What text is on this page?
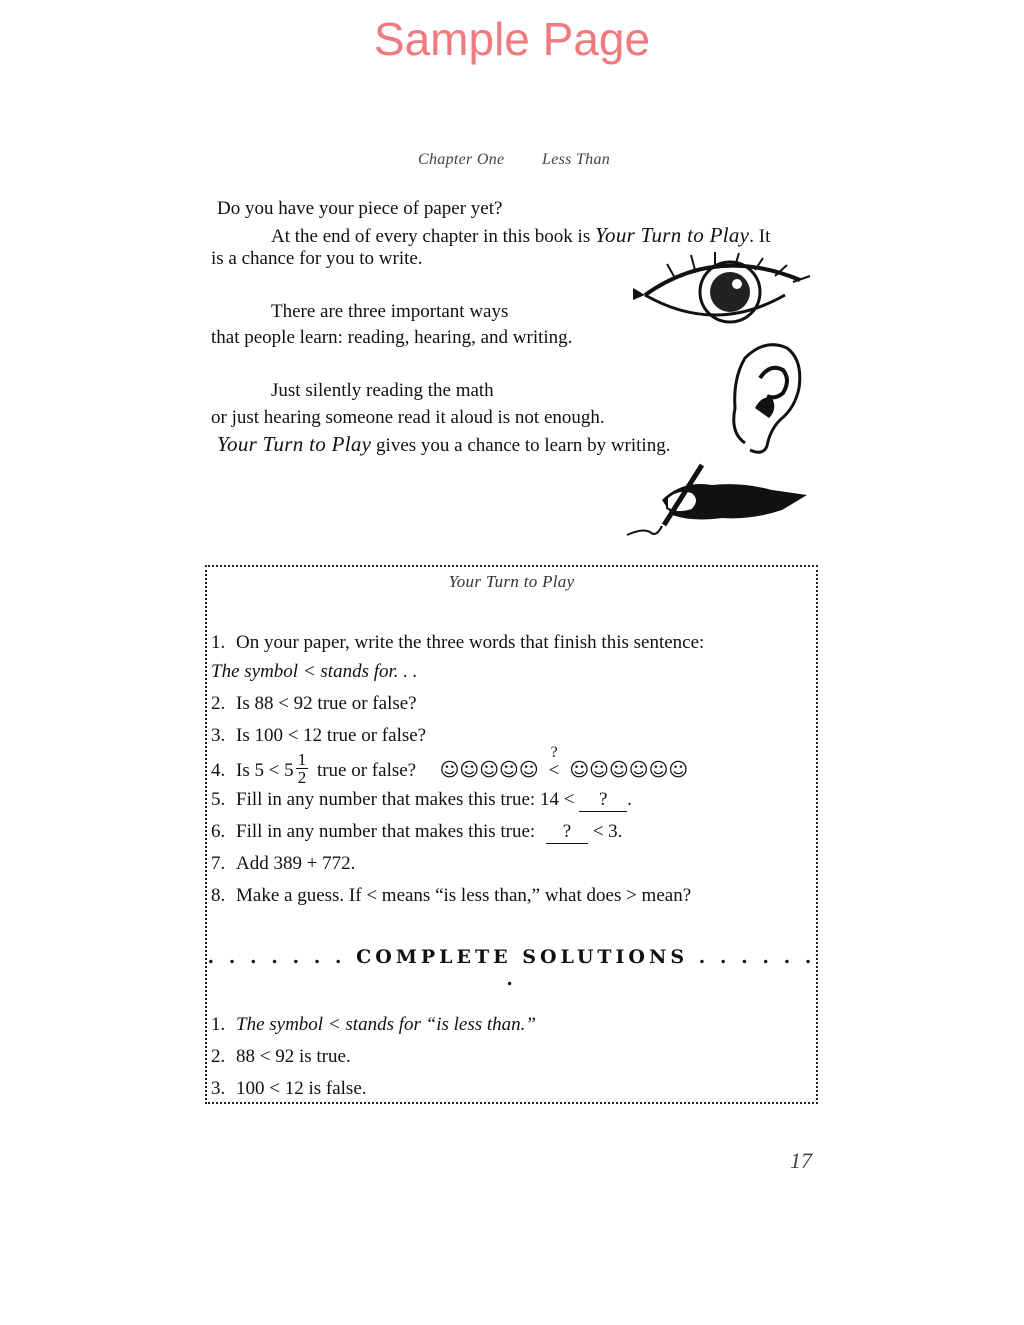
Sample Page
Chapter One Less Than
Do you have your piece of paper yet?
At the end of every chapter in this book is Your Turn to Play. It
is a chance for you to write.
There are three important ways
that people learn: reading, hearing, and writing.
Just silently reading the math
or just hearing someone read it aloud is not enough.
Your Turn to Play gives you a chance to learn by writing.
Your Turn to Play
1. On your paper, write the three words that finish this sentence:
The symbol < stands for. . .
2. Is 88 < 92 true or false?
3. Is 100 < 12 true or false?
4. Is $5 < 5 \frac{1}{2}$ true or false? ☺☺☺☺☺
?
< ☺☺☺☺☺☺
5. Fill in any number that makes this true: 14 < ? .
6. Fill in any number that makes this true: ? < 3.
7. Add 389 + 772.
8. Make a guess. If < means “is less than,” what does > mean?
. . . . . . . COMPLETE SOLUTIONS . . . . . . .
1. The symbol < stands for “is less than.”
2. 88 < 92 is true.
3. 100 < 12 is false.
17
